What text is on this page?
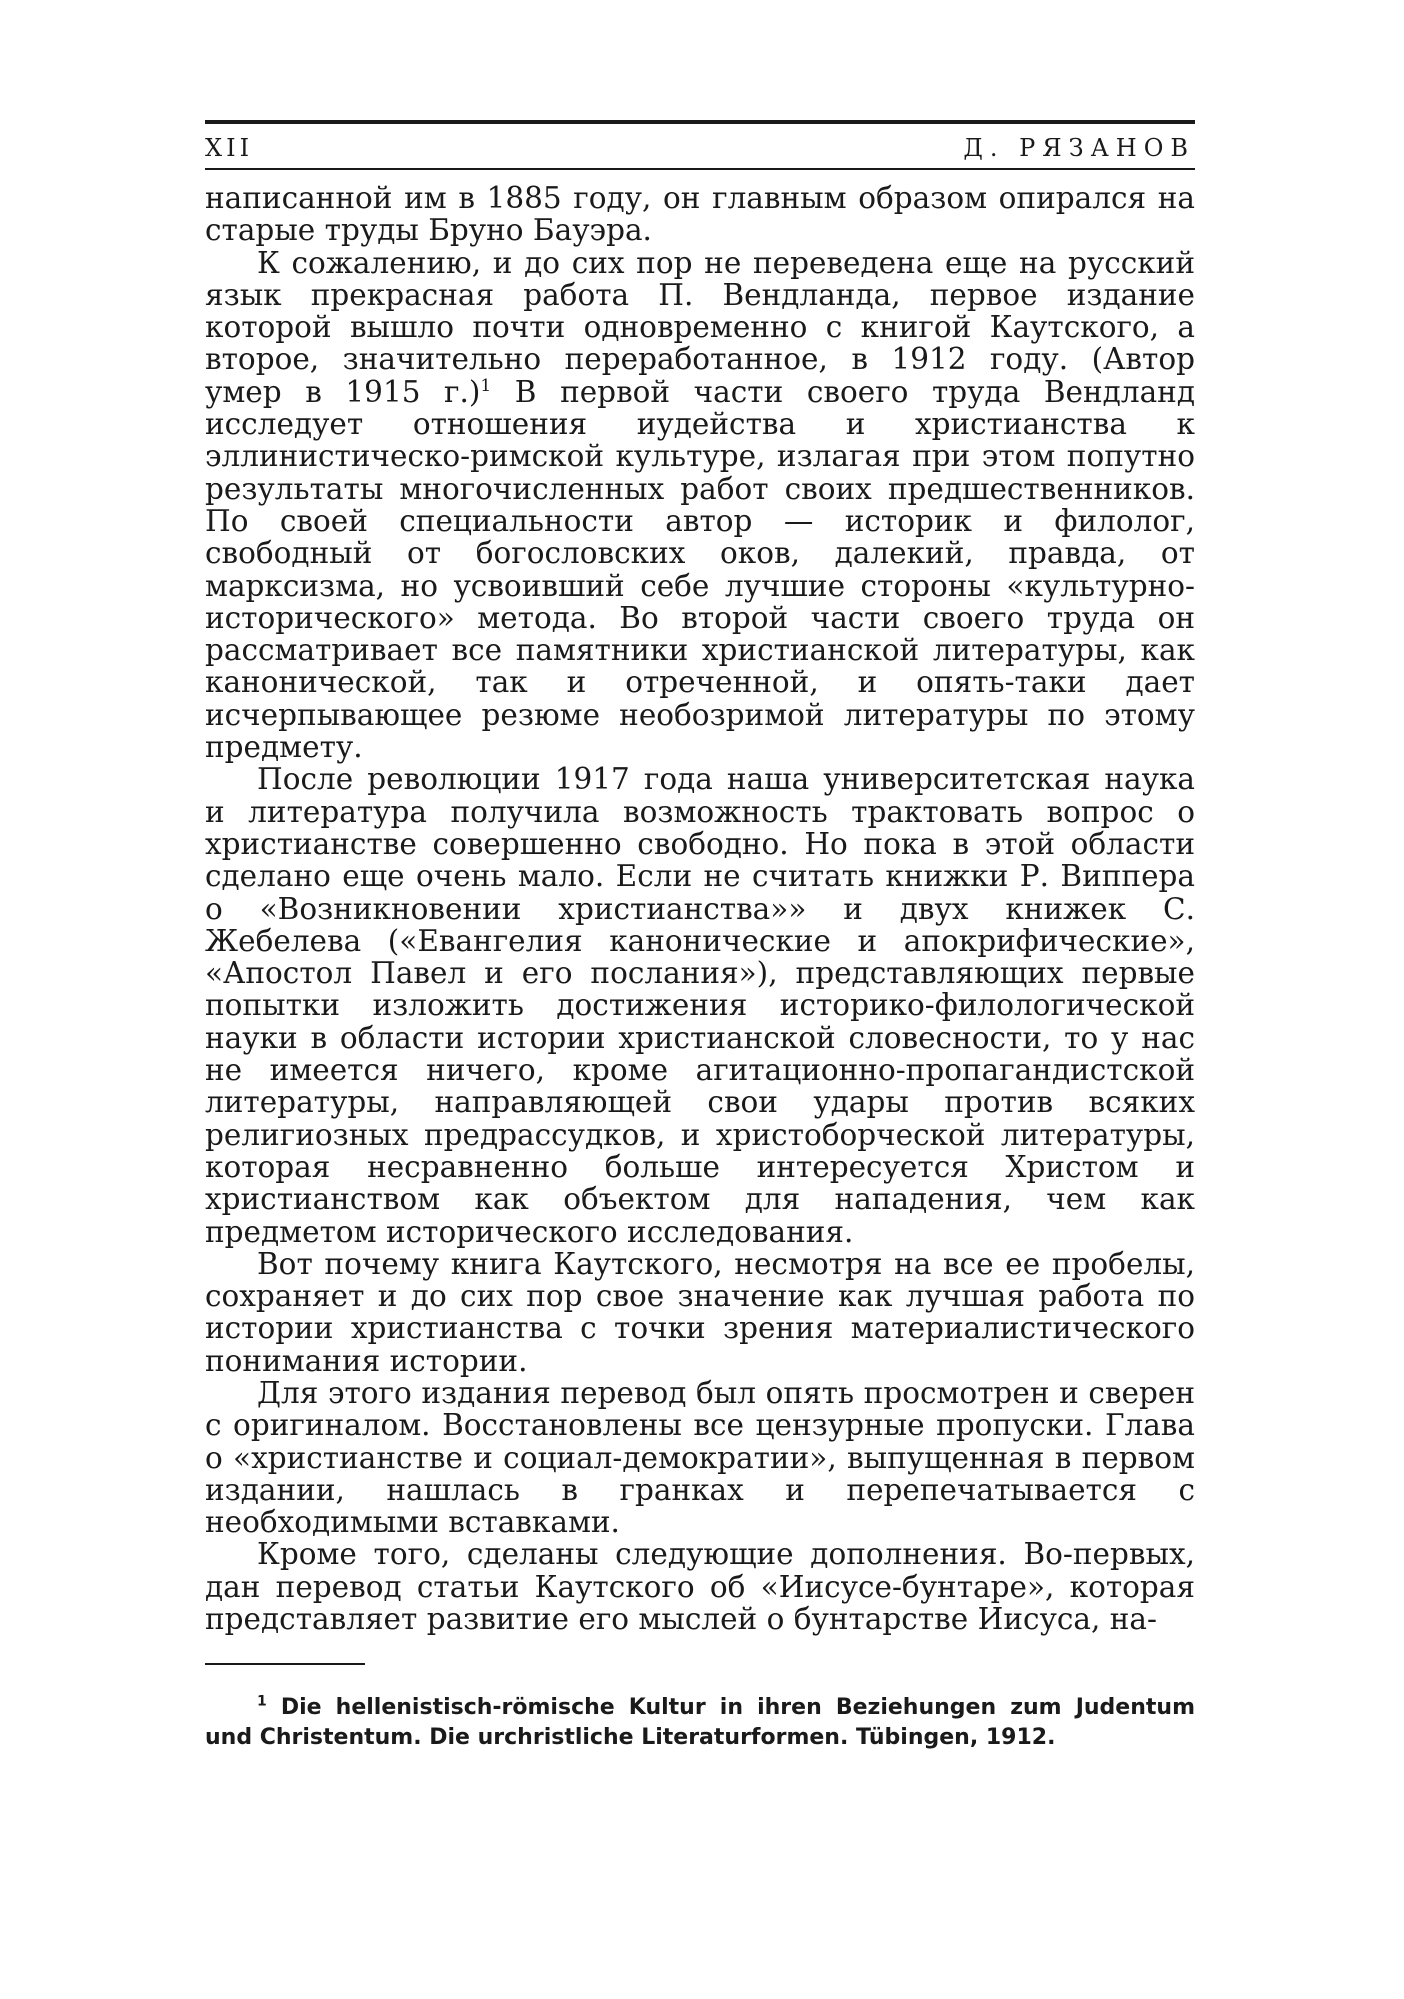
XII	Д. РЯЗАНОВ

написанной им в 1885 году, он главным образом опирался на старые труды Бруно Бауэра.

К сожалению, и до сих пор не переведена еще на русский язык прекрасная работа П. Вендланда, первое издание которой вышло почти одновременно с книгой Каутского, а второе, значительно переработанное, в 1912 году. (Автор умер в 1915 г.)$^1$ В первой части своего труда Вендланд исследует отношения иудейства и христианства к эллинистическо-римской культуре, излагая при этом попутно результаты многочисленных работ своих предшественников. По своей специальности автор — историк и филолог, свободный от богословских оков, далекий, правда, от марксизма, но усвоивший себе лучшие стороны «культурно-исторического» метода. Во второй части своего труда он рассматривает все памятники христианской литературы, как канонической, так и отреченной, и опять-таки дает исчерпывающее резюме необозримой литературы по этому предмету.

После революции 1917 года наша университетская наука и литература получила возможность трактовать вопрос о христианстве совершенно свободно. Но пока в этой области сделано еще очень мало. Если не считать книжки Р. Виппера о «Возникновении христианства»» и двух книжек С. Жебелева («Евангелия канонические и апокрифические», «Апостол Павел и его послания»), представляющих первые попытки изложить достижения историко-филологической науки в области истории христианской словесности, то у нас не имеется ничего, кроме агитационно-пропагандистской литературы, направляющей свои удары против всяких религиозных предрассудков, и христоборческой литературы, которая несравненно больше интересуется Христом и христианством как объектом для нападения, чем как предметом исторического исследования.

Вот почему книга Каутского, несмотря на все ее пробелы, сохраняет и до сих пор свое значение как лучшая работа по истории христианства с точки зрения материалистического понимания истории.

Для этого издания перевод был опять просмотрен и сверен с оригиналом. Восстановлены все цензурные пропуски. Глава о «христианстве и социал-демократии», выпущенная в первом издании, нашлась в гранках и перепечатывается с необходимыми вставками.

Кроме того, сделаны следующие дополнения. Во-первых, дан перевод статьи Каутского об «Иисусе-бунтаре», которая представляет развитие его мыслей о бунтарстве Иисуса, на-

$^1$ Die hellenistisch-römische Kultur in ihren Beziehungen zum Judentum und Christentum. Die urchristliche Literaturformen. Tübingen, 1912.
